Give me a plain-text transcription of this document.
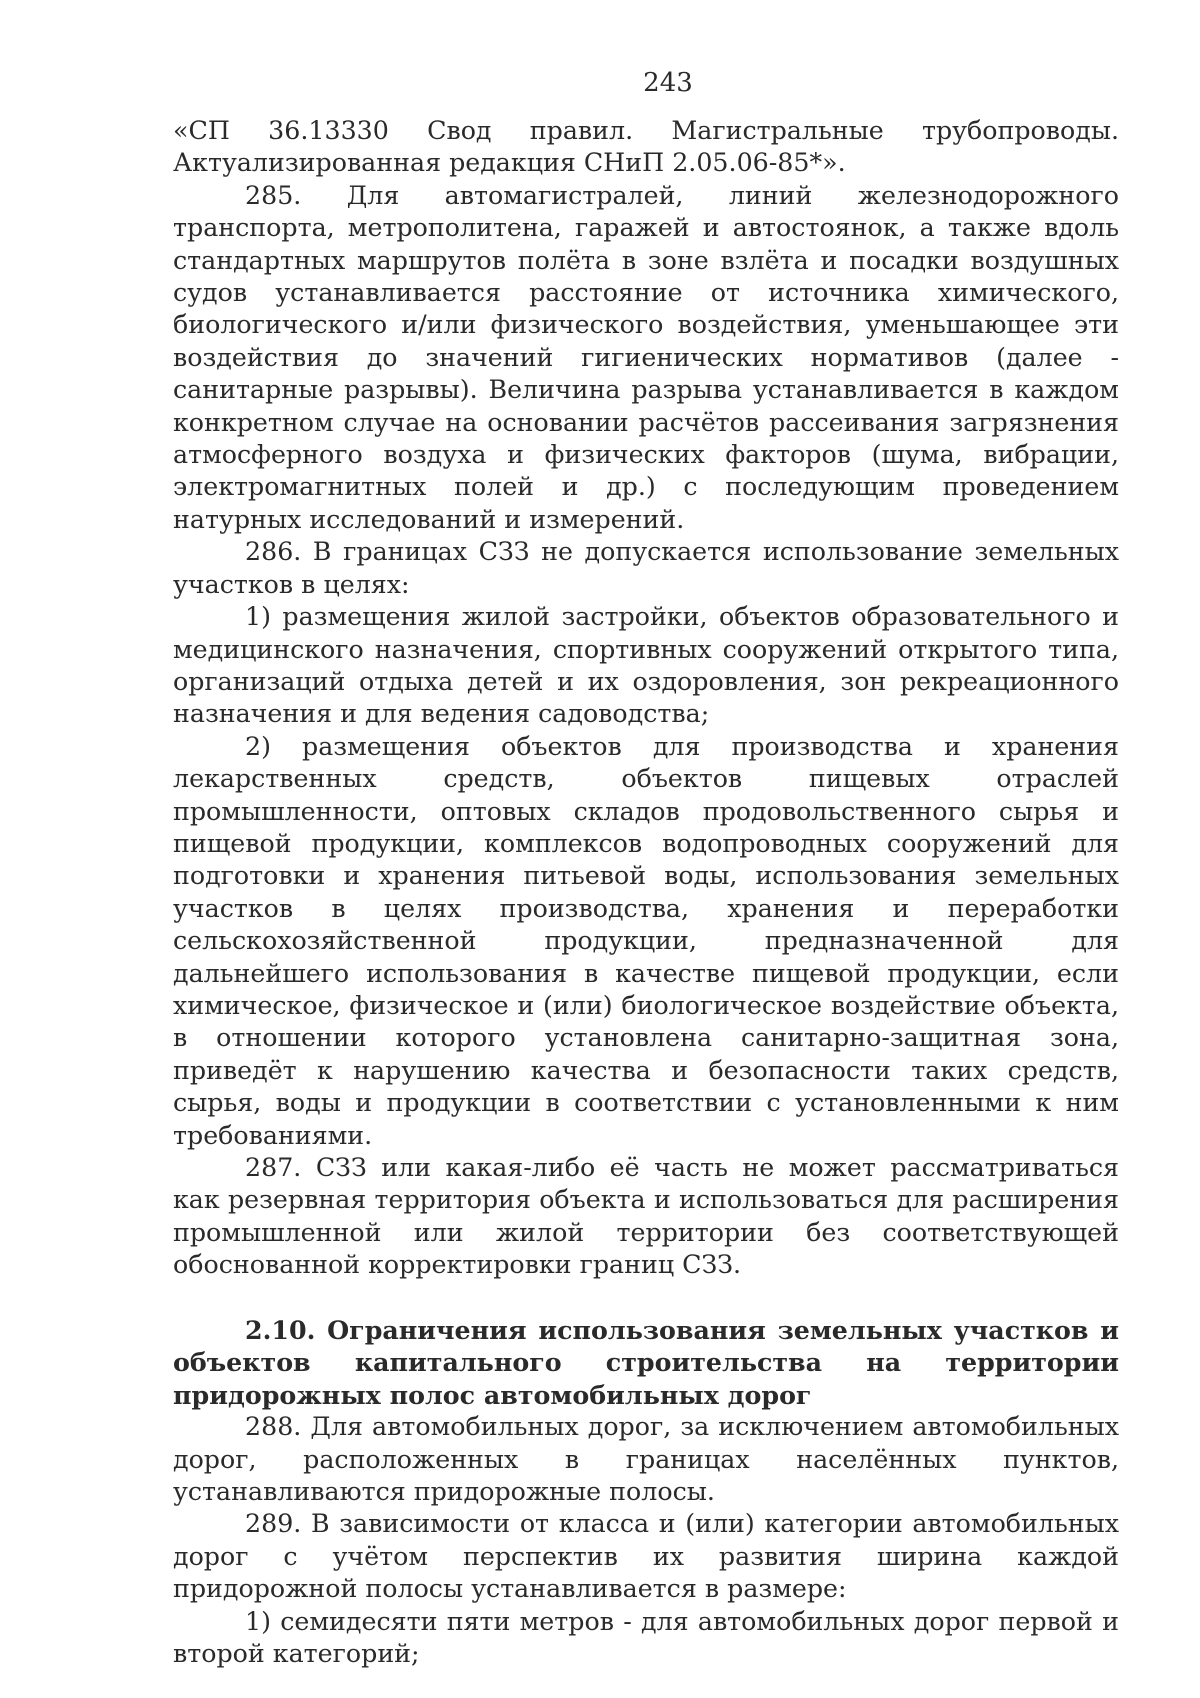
243

«СП 36.13330 Свод правил. Магистральные трубопроводы. Актуализированная редакция СНиП 2.05.06-85*».

285. Для автомагистралей, линий железнодорожного транспорта, метрополитена, гаражей и автостоянок, а также вдоль стандартных маршрутов полёта в зоне взлёта и посадки воздушных судов устанавливается расстояние от источника химического, биологического и/или физического воздействия, уменьшающее эти воздействия до значений гигиенических нормативов (далее - санитарные разрывы). Величина разрыва устанавливается в каждом конкретном случае на основании расчётов рассеивания загрязнения атмосферного воздуха и физических факторов (шума, вибрации, электромагнитных полей и др.) с последующим проведением натурных исследований и измерений.

286. В границах СЗЗ не допускается использование земельных участков в целях:

1) размещения жилой застройки, объектов образовательного и медицинского назначения, спортивных сооружений открытого типа, организаций отдыха детей и их оздоровления, зон рекреационного назначения и для ведения садоводства;

2) размещения объектов для производства и хранения лекарственных средств, объектов пищевых отраслей промышленности, оптовых складов продовольственного сырья и пищевой продукции, комплексов водопроводных сооружений для подготовки и хранения питьевой воды, использования земельных участков в целях производства, хранения и переработки сельскохозяйственной продукции, предназначенной для дальнейшего использования в качестве пищевой продукции, если химическое, физическое и (или) биологическое воздействие объекта, в отношении которого установлена санитарно-защитная зона, приведёт к нарушению качества и безопасности таких средств, сырья, воды и продукции в соответствии с установленными к ним требованиями.

287. СЗЗ или какая-либо её часть не может рассматриваться как резервная территория объекта и использоваться для расширения промышленной или жилой территории без соответствующей обоснованной корректировки границ СЗЗ.

2.10. Ограничения использования земельных участков и объектов капитального строительства на территории придорожных полос автомобильных дорог

288. Для автомобильных дорог, за исключением автомобильных дорог, расположенных в границах населённых пунктов, устанавливаются придорожные полосы.

289. В зависимости от класса и (или) категории автомобильных дорог с учётом перспектив их развития ширина каждой придорожной полосы устанавливается в размере:

1) семидесяти пяти метров - для автомобильных дорог первой и второй категорий;
